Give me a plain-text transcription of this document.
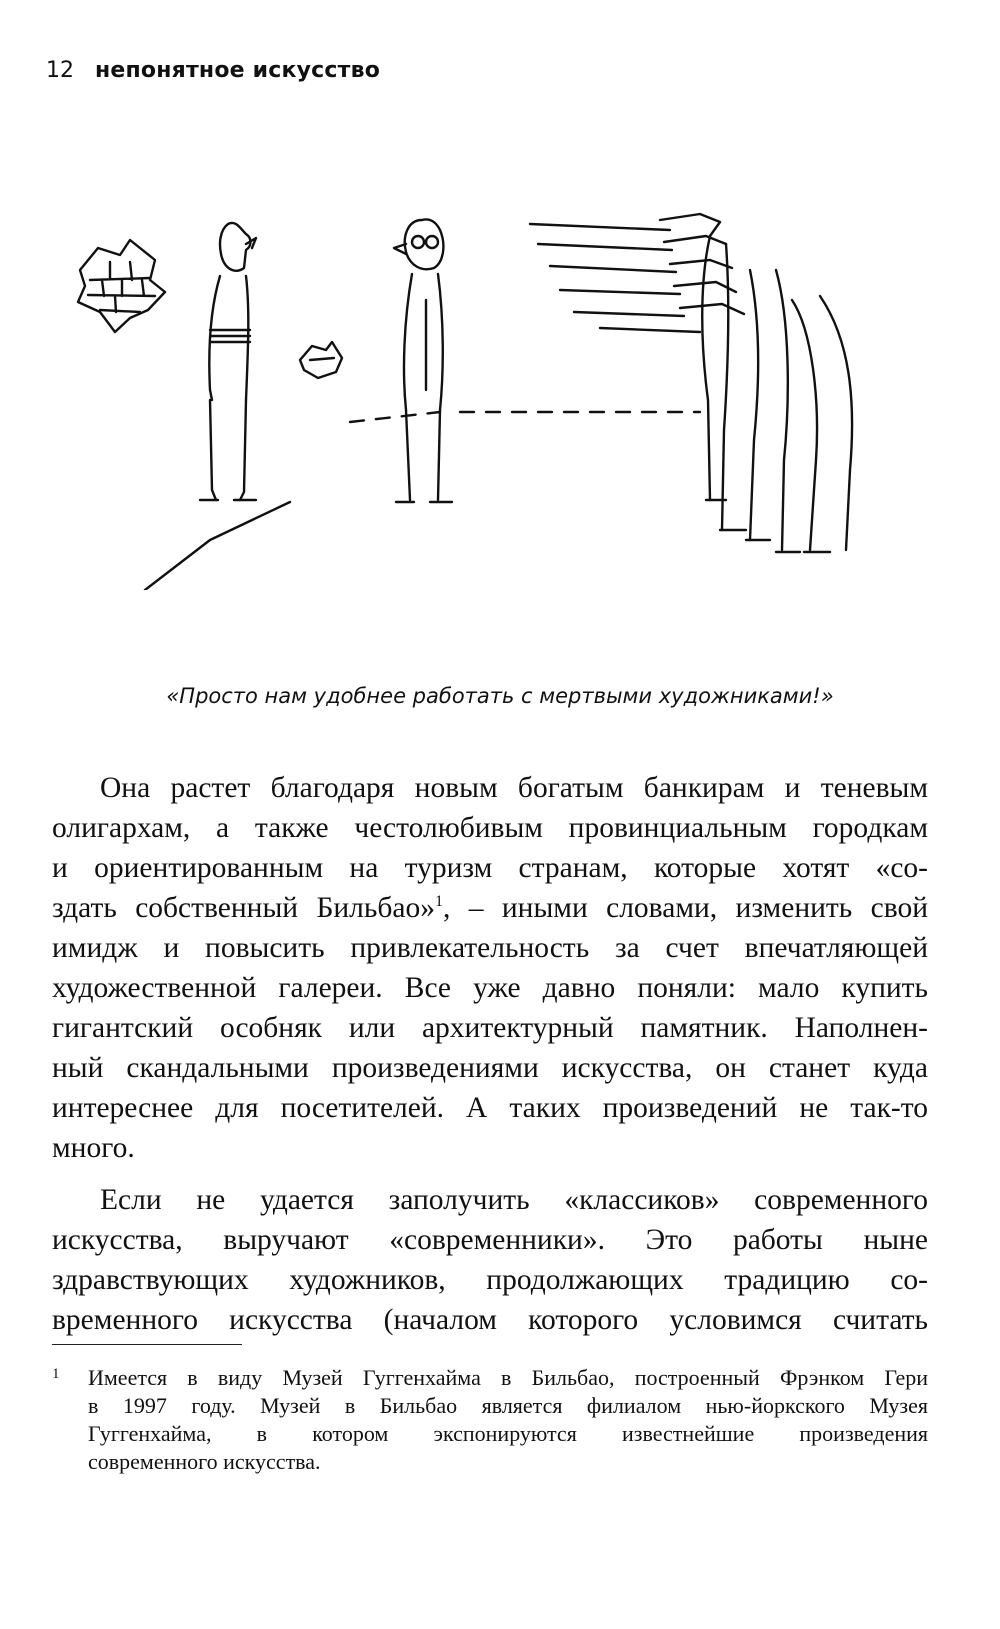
12 непонятное искусство
«Просто нам удобнее работать с мертвыми художниками!»
Она растет благодаря новым богатым банкирам и теневым
олигархам, а также честолюбивым провинциальным городкам
и ориентированным на туризм странам, которые хотят «со-
здать собственный Бильбао»$^1$, – иными словами, изменить свой
имидж и повысить привлекательность за счет впечатляющей
художественной галереи. Все уже давно поняли: мало купить
гигантский особняк или архитектурный памятник. Наполнен-
ный скандальными произведениями искусства, он станет куда
интереснее для посетителей. А таких произведений не так-то
много.
Если не удается заполучить «классиков» современного
искусства, выручают «современники». Это работы ныне
здравствующих художников, продолжающих традицию со-
временного искусства (началом которого условимся считать
1 Имеется в виду Музей Гуггенхайма в Бильбао, построенный Фрэнком Гери
в 1997 году. Музей в Бильбао является филиалом нью-йоркского Музея
Гуггенхайма, в котором экспонируются известнейшие произведения
современного искусства.
